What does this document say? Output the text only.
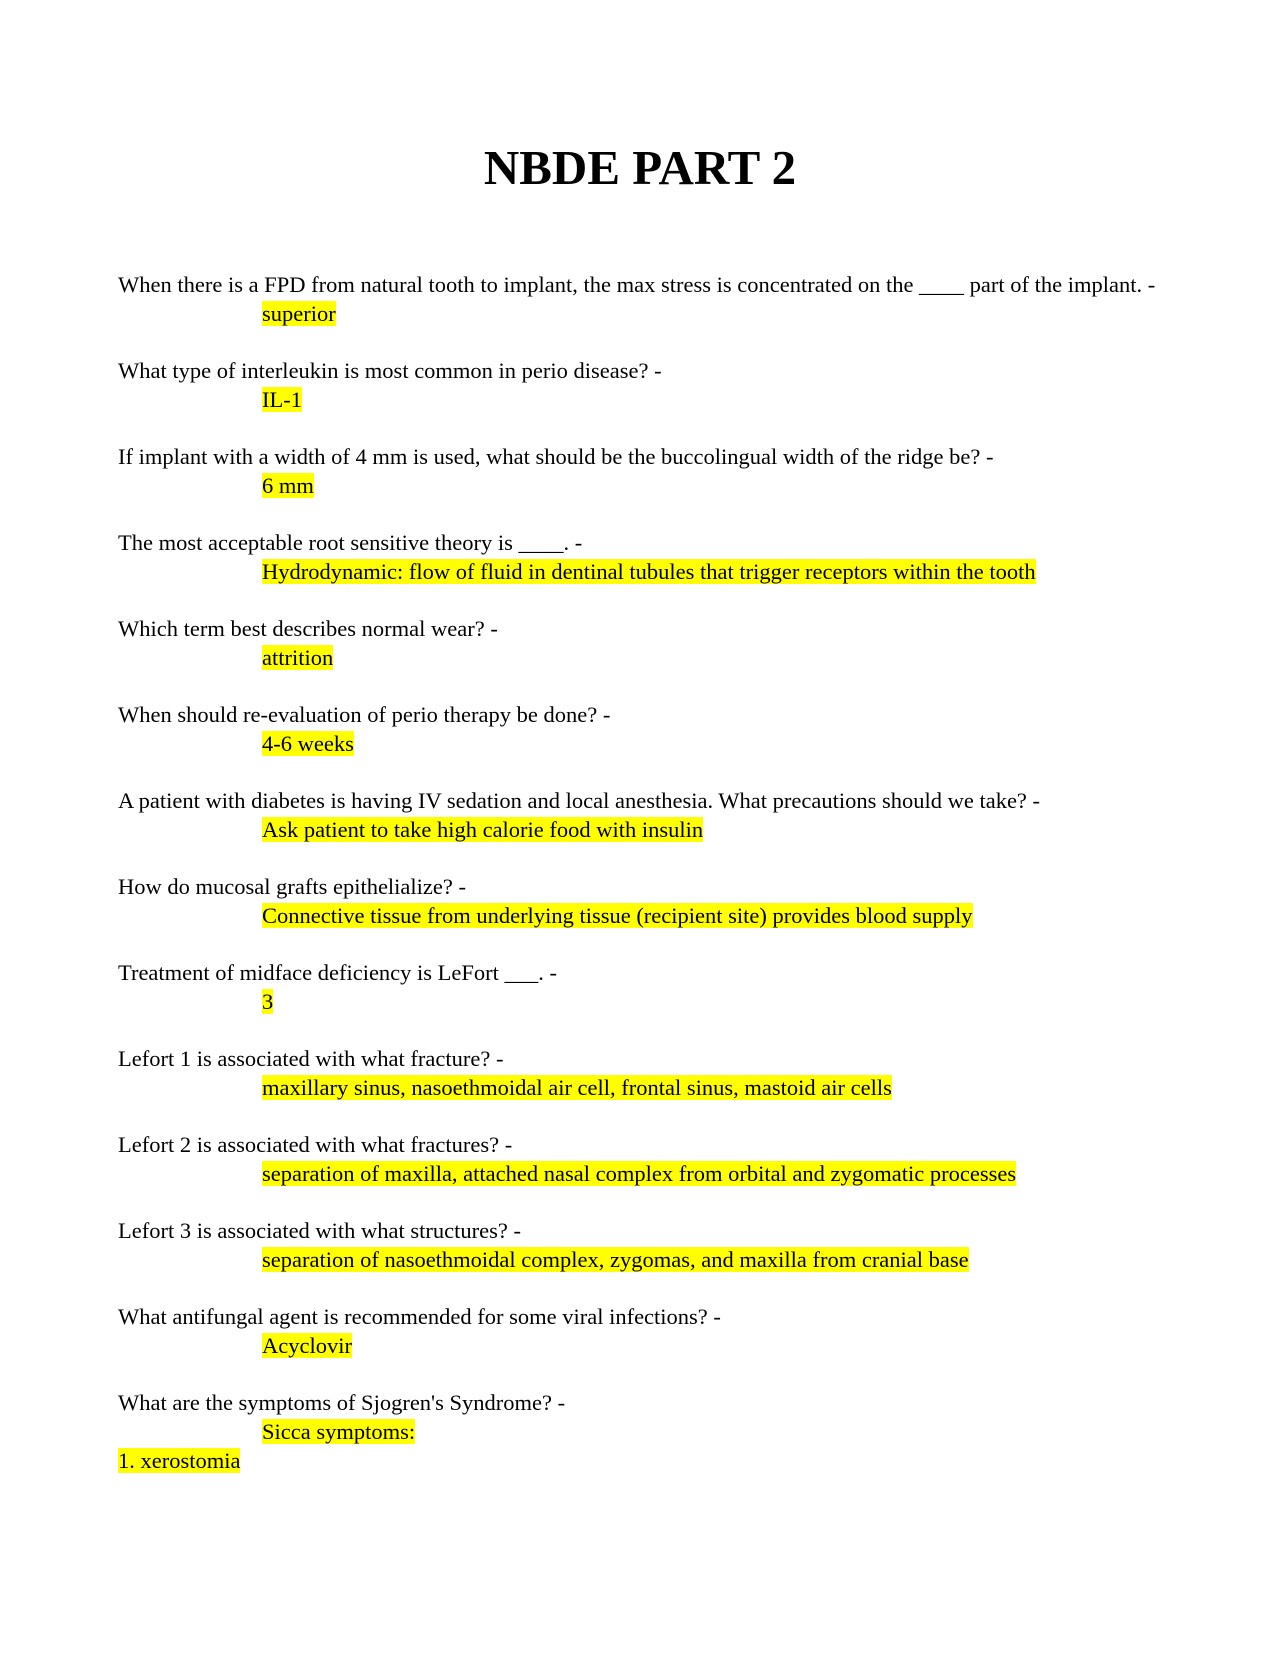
NBDE PART 2

When there is a FPD from natural tooth to implant, the max stress is concentrated on the ____ part of the implant. -

superior

What type of interleukin is most common in perio disease? -

IL-1

If implant with a width of 4 mm is used, what should be the buccolingual width of the ridge be? -

6 mm

The most acceptable root sensitive theory is ____. -

Hydrodynamic: flow of fluid in dentinal tubules that trigger receptors within the tooth

Which term best describes normal wear? -

attrition

When should re-evaluation of perio therapy be done? -

4-6 weeks

A patient with diabetes is having IV sedation and local anesthesia. What precautions should we take? -

Ask patient to take high calorie food with insulin

How do mucosal grafts epithelialize? -

Connective tissue from underlying tissue (recipient site) provides blood supply

Treatment of midface deficiency is LeFort ___. -

3

Lefort 1 is associated with what fracture? -

maxillary sinus, nasoethmoidal air cell, frontal sinus, mastoid air cells

Lefort 2 is associated with what fractures? -

separation of maxilla, attached nasal complex from orbital and zygomatic processes

Lefort 3 is associated with what structures? -

separation of nasoethmoidal complex, zygomas, and maxilla from cranial base

What antifungal agent is recommended for some viral infections? -

Acyclovir

What are the symptoms of Sjogren's Syndrome? -

Sicca symptoms:

1. xerostomia
